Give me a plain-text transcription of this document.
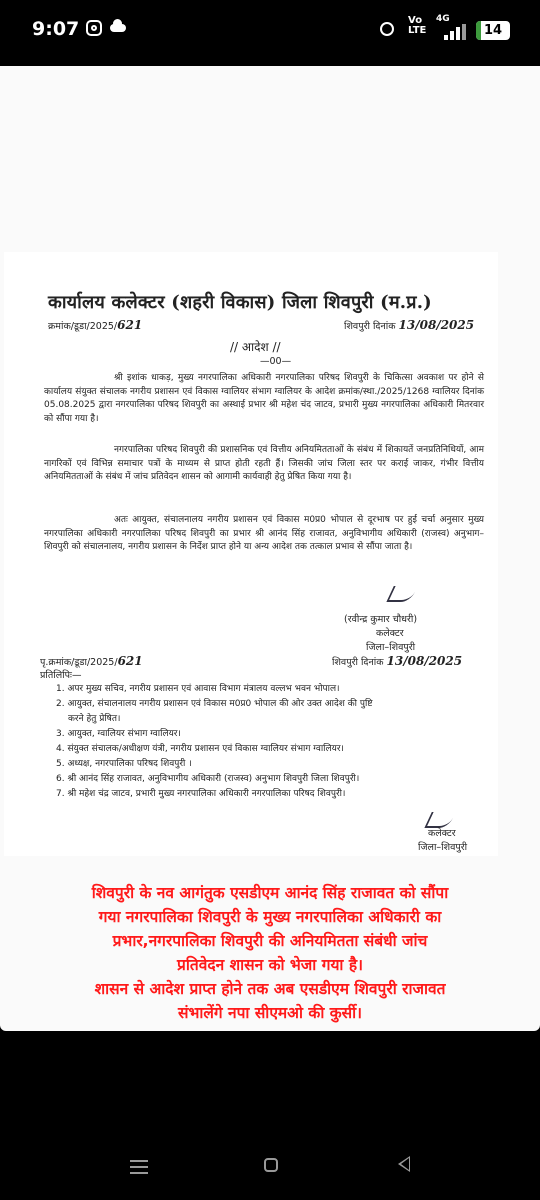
9:07	Vo
LTE
4G
14
कार्यालय कलेक्टर (शहरी विकास) जिला शिवपुरी (म.प्र.)
क्रमांक/डूडा/2025/621	शिवपुरी दिनांक 13/08/2025
// आदेश //
—00—
श्री इशांक धाकड़, मुख्य नगरपालिका अधिकारी नगरपालिका परिषद शिवपुरी के चिकित्सा अवकाश पर होने से कार्यालय संयुक्त संचालक नगरीय प्रशासन एवं विकास ग्वालियर संभाग ग्वालियर के आदेश क्रमांक/स्था./2025/1268 ग्वालियर दिनांक 05.08.2025 द्वारा नगरपालिका परिषद शिवपुरी का अस्थाई प्रभार श्री महेश चंद जाटव, प्रभारी मुख्य नगरपालिका अधिकारी मितरवार को सौंपा गया है।
नगरपालिका परिषद शिवपुरी की प्रशासनिक एवं वित्तीय अनियमितताओं के संबंध में शिकायतें जनप्रतिनिधियों, आम नागरिकों एवं विभिन्न समाचार पत्रों के माध्यम से प्राप्त होती रहती हैं। जिसकी जांच जिला स्तर पर कराई जाकर, गंभीर वित्तीय अनियमितताओं के संबंध में जांच प्रतिवेदन शासन को आगामी कार्यवाही हेतु प्रेषित किया गया है।
अतः आयुक्त, संचालनालय नगरीय प्रशासन एवं विकास म0प्र0 भोपाल से दूरभाष पर हुई चर्चा अनुसार मुख्य नगरपालिका अधिकारी नगरपालिका परिषद शिवपुरी का प्रभार श्री आनंद सिंह राजावत, अनुविभागीय अधिकारी (राजस्व) अनुभाग–शिवपुरी को संचालनालय, नगरीय प्रशासन के निर्देश प्राप्त होने या अन्य आदेश तक तत्काल प्रभाव से सौंपा जाता है।
(रवीन्द्र कुमार चौधरी)
कलेक्टर
जिला–शिवपुरी
पृ.क्रमांक/डूडा/2025/621	शिवपुरी दिनांक 13/08/2025
प्रतिलिपिः—
1. अपर मुख्य सचिव, नगरीय प्रशासन एवं आवास विभाग मंत्रालय वल्लभ भवन भोपाल।
2. आयुक्त, संचालनालय नगरीय प्रशासन एवं विकास म0प्र0 भोपाल की ओर उक्त आदेश की पुष्टि
करने हेतु प्रेषित।
3. आयुक्त, ग्वालियर संभाग ग्वालियर।
4. संयुक्त संचालक/अधीक्षण यंत्री, नगरीय प्रशासन एवं विकास ग्वालियर संभाग ग्वालियर।
5. अध्यक्ष, नगरपालिका परिषद शिवपुरी ।
6. श्री आनंद सिंह राजावत, अनुविभागीय अधिकारी (राजस्व) अनुभाग शिवपुरी जिला शिवपुरी।
7. श्री महेश चंद्र जाटव, प्रभारी मुख्य नगरपालिका अधिकारी नगरपालिका परिषद शिवपुरी।
कलेक्टर
जिला–शिवपुरी
शिवपुरी के नव आगंतुक एसडीएम आनंद सिंह राजावत को सौंपा
गया नगरपालिका शिवपुरी के मुख्य नगरपालिका अधिकारी का
प्रभार,नगरपालिका शिवपुरी की अनियमितता संबंधी जांच
प्रतिवेदन शासन को भेजा गया है।
शासन से आदेश प्राप्त होने तक अब एसडीएम शिवपुरी राजावत
संभालेंगे नपा सीएमओ की कुर्सी।
